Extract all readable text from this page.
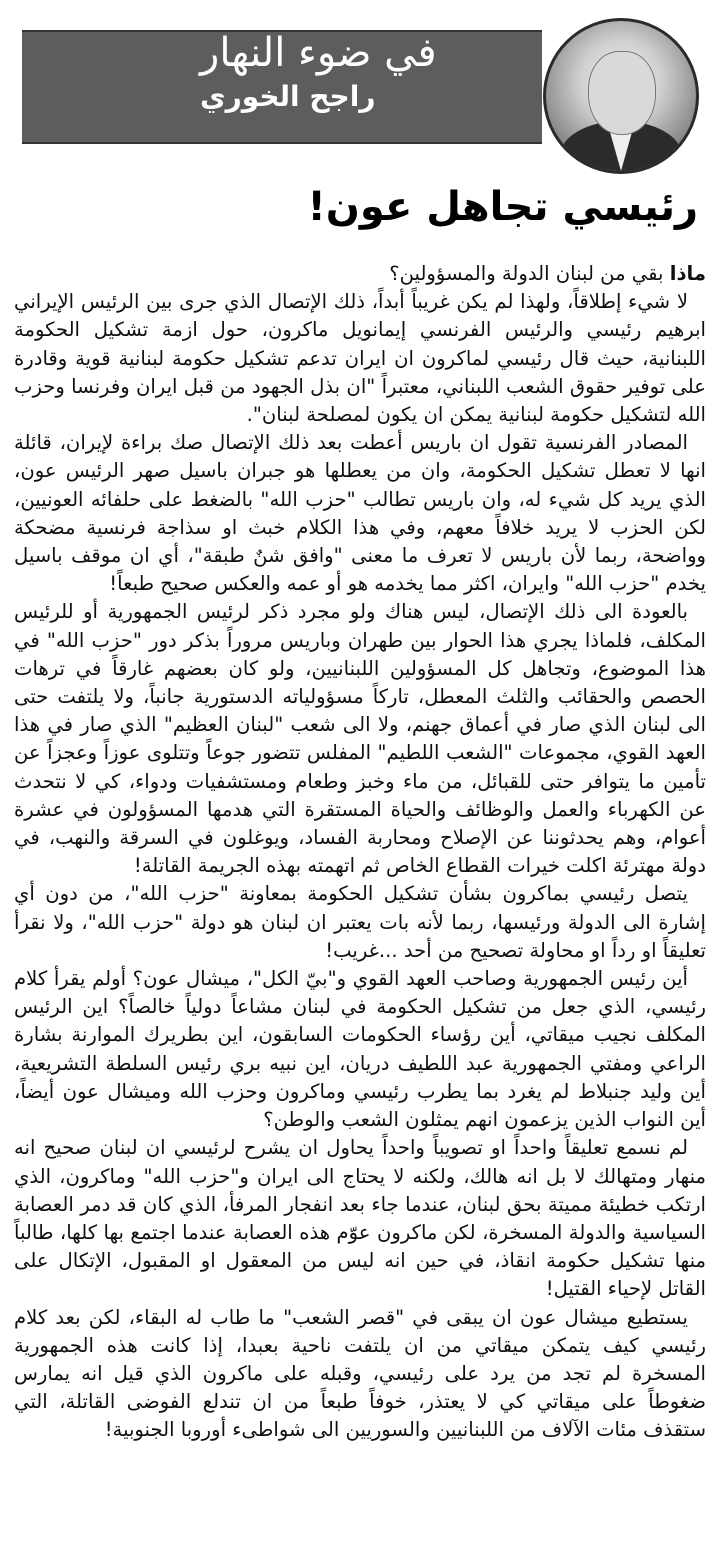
في ضوء النهار
راجح الخوري
رئيسي تجاهل عون!

ماذا بقي من لبنان الدولة والمسؤولين؟

لا شيء إطلاقاً، ولهذا لم يكن غريباً أبداً، ذلك الإتصال الذي جرى بين الرئيس الإيراني ابرهيم رئيسي والرئيس الفرنسي إيمانويل ماكرون، حول ازمة تشكيل الحكومة اللبنانية، حيث قال رئيسي لماكرون ان ايران تدعم تشكيل حكومة لبنانية قوية وقادرة على توفير حقوق الشعب اللبناني، معتبراً "ان بذل الجهود من قبل ايران وفرنسا وحزب الله لتشكيل حكومة لبنانية يمكن ان يكون لمصلحة لبنان".

المصادر الفرنسية تقول ان باريس أعطت بعد ذلك الإتصال صك براءة لإيران، قائلة انها لا تعطل تشكيل الحكومة، وان من يعطلها هو جبران باسيل صهر الرئيس عون، الذي يريد كل شيء له، وان باريس تطالب "حزب الله" بالضغط على حلفائه العونيين، لكن الحزب لا يريد خلافاً معهم، وفي هذا الكلام خبث او سذاجة فرنسية مضحكة وواضحة، ربما لأن باريس لا تعرف ما معنى "وافق شنٌ طبقة"، أي ان موقف باسيل يخدم "حزب الله" وايران، اكثر مما يخدمه هو أو عمه والعكس صحيح طبعاً!

بالعودة الى ذلك الإتصال، ليس هناك ولو مجرد ذكر لرئيس الجمهورية أو للرئيس المكلف، فلماذا يجري هذا الحوار بين طهران وباريس مروراً بذكر دور "حزب الله" في هذا الموضوع، وتجاهل كل المسؤولين اللبنانيين، ولو كان بعضهم غارقاً في ترهات الحصص والحقائب والثلث المعطل، تاركاً مسؤولياته الدستورية جانباً، ولا يلتفت حتى الى لبنان الذي صار في أعماق جهنم، ولا الى شعب "لبنان العظيم" الذي صار في هذا العهد القوي، مجموعات "الشعب اللطيم" المفلس تتضور جوعاً وتتلوى عوزاً وعجزاً عن تأمين ما يتوافر حتى للقبائل، من ماء وخبز وطعام ومستشفيات ودواء، كي لا نتحدث عن الكهرباء والعمل والوظائف والحياة المستقرة التي هدمها المسؤولون في عشرة أعوام، وهم يحدثوننا عن الإصلاح ومحاربة الفساد، ويوغلون في السرقة والنهب، في دولة مهترئة اكلت خيرات القطاع الخاص ثم اتهمته بهذه الجريمة القاتلة!

يتصل رئيسي بماكرون بشأن تشكيل الحكومة بمعاونة "حزب الله"، من دون أي إشارة الى الدولة ورئيسها، ربما لأنه بات يعتبر ان لبنان هو دولة "حزب الله"، ولا نقرأ تعليقاً او رداً او محاولة تصحيح من أحد ...غريب!

أين رئيس الجمهورية وصاحب العهد القوي و"بيّ الكل"، ميشال عون؟ أولم يقرأ كلام رئيسي، الذي جعل من تشكيل الحكومة في لبنان مشاعاً دولياً خالصاً؟ اين الرئيس المكلف نجيب ميقاتي، أين رؤساء الحكومات السابقون، اين بطريرك الموارنة بشارة الراعي ومفتي الجمهورية عبد اللطيف دريان، اين نبيه بري رئيس السلطة التشريعية، أين وليد جنبلاط لم يغرد بما يطرب رئيسي وماكرون وحزب الله وميشال عون أيضاً، أين النواب الذين يزعمون انهم يمثلون الشعب والوطن؟

لم نسمع تعليقاً واحداً او تصويباً واحداً يحاول ان يشرح لرئيسي ان لبنان صحيح انه منهار ومتهالك لا بل انه هالك، ولكنه لا يحتاج الى ايران و"حزب الله" وماكرون، الذي ارتكب خطيئة مميتة بحق لبنان، عندما جاء بعد انفجار المرفأ، الذي كان قد دمر العصابة السياسية والدولة المسخرة، لكن ماكرون عوّم هذه العصابة عندما اجتمع بها كلها، طالباً منها تشكيل حكومة انقاذ، في حين انه ليس من المعقول او المقبول، الإتكال على القاتل لإحياء القتيل!

يستطيع ميشال عون ان يبقى في "قصر الشعب" ما طاب له البقاء، لكن بعد كلام رئيسي كيف يتمكن ميقاتي من ان يلتفت ناحية بعبدا، إذا كانت هذه الجمهورية المسخرة لم تجد من يرد على رئيسي، وقبله على ماكرون الذي قيل انه يمارس ضغوطاً على ميقاتي كي لا يعتذر، خوفاً طبعاً من ان تندلع الفوضى القاتلة، التي ستقذف مئات الآلاف من اللبنانيين والسوريين الى شواطىء أوروبا الجنوبية!
